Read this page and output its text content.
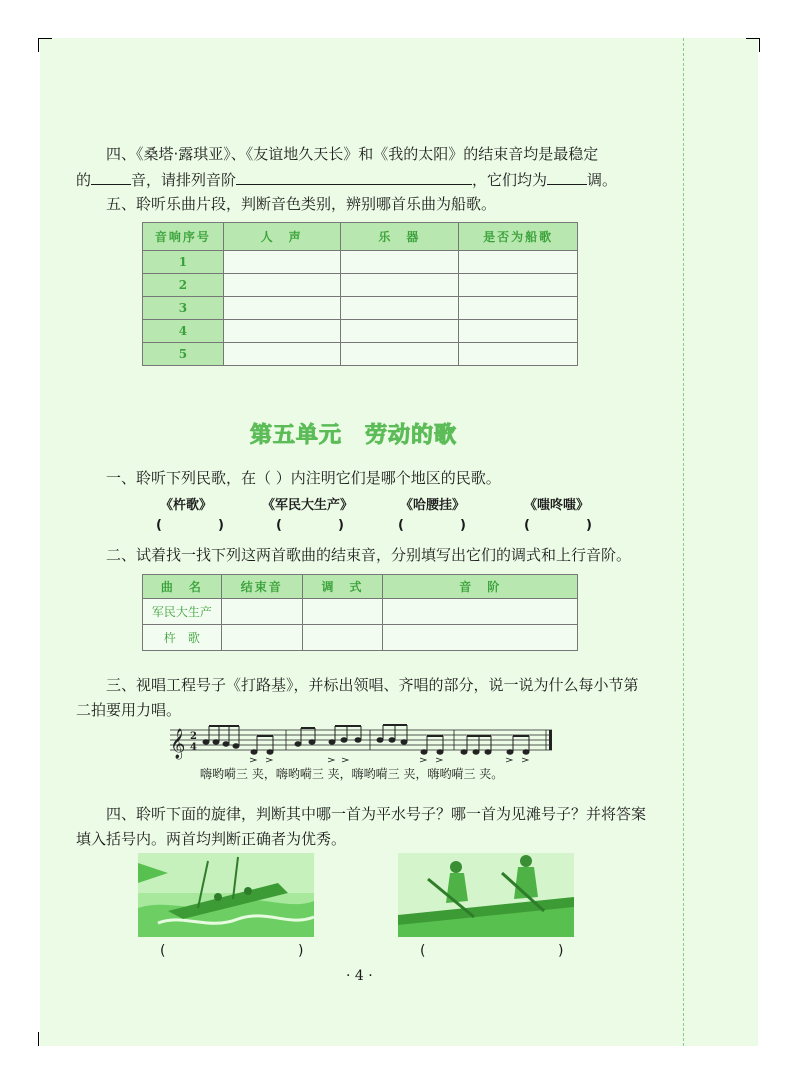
四、《桑塔·露琪亚》、《友谊地久天长》和《我的太阳》的结束音均是最稳定
的	音，请排列音阶	，它们均为	调。
五、聆听乐曲片段，判断音色类别，辨别哪首乐曲为船歌。
音响序号	人　声	乐　器	是否为船歌
1			
2			
3			
4			
5			
第五单元　劳动的歌
一、聆听下列民歌，在（ ）内注明它们是哪个地区的民歌。
《杵歌》	《军民大生产》	《哈腰挂》	《嗤咚嗤》
(	)	(	)	(	)	(	)
二、试着找一找下列这两首歌曲的结束音，分别填写出它们的调式和上行音阶。
曲　名	结束音	调　式	音　阶
军民大生产			
杵　歌			
三、视唱工程号子《打路基》，并标出领唱、齐唱的部分，说一说为什么每小节第
二拍要用力唱。
𝄞 2
4
嗨哟嗬三 夹，嗨哟嗬三 夹，嗨哟嗬三 夹，嗨哟嗬三 夹。
四、聆听下面的旋律，判断其中哪一首为平水号子？哪一首为见滩号子？并将答案
填入括号内。两首均判断正确者为优秀。
(	)	(	)
· 4 ·
